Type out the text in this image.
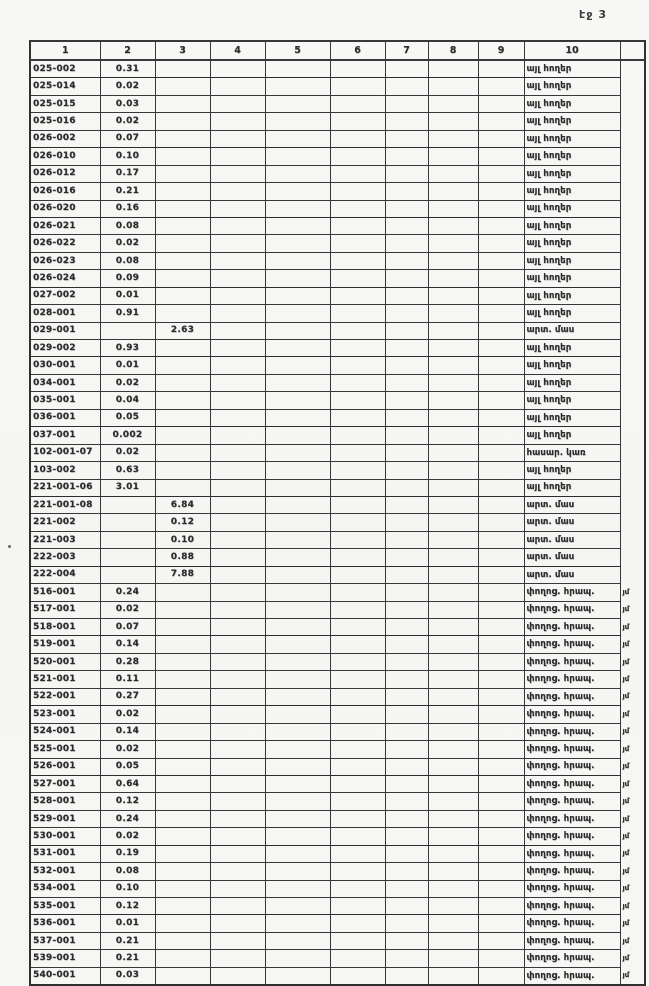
էջ 3
1	2	3	4	5	6	7	8	9	10	
025-002	0.31								այլ հողեր	
025-014	0.02								այլ հողեր	
025-015	0.03								այլ հողեր	
025-016	0.02								այլ հողեր	
026-002	0.07								այլ հողեր	
026-010	0.10								այլ հողեր	
026-012	0.17								այլ հողեր	
026-016	0.21								այլ հողեր	
026-020	0.16								այլ հողեր	
026-021	0.08								այլ հողեր	
026-022	0.02								այլ հողեր	
026-023	0.08								այլ հողեր	
026-024	0.09								այլ հողեր	
027-002	0.01								այլ հողեր	
028-001	0.91								այլ հողեր	
029-001		2.63							արտ. մաս	
029-002	0.93								այլ հողեր	
030-001	0.01								այլ հողեր	
034-001	0.02								այլ հողեր	
035-001	0.04								այլ հողեր	
036-001	0.05								այլ հողեր	
037-001	0.002								այլ հողեր	
102-001-07	0.02								հասար. կառ	
103-002	0.63								այլ հողեր	
221-001-06	3.01								այլ հողեր	
221-001-08		6.84							արտ. մաս	
221-002		0.12							արտ. մաս	
221-003		0.10							արտ. մաս	
222-003		0.88							արտ. մաս	
222-004		7.88							արտ. մաս	
516-001	0.24								փողոց. հրապ.	յմ
517-001	0.02								փողոց. հրապ.	յմ
518-001	0.07								փողոց. հրապ.	յմ
519-001	0.14								փողոց. հրապ.	յմ
520-001	0.28								փողոց. հրապ.	յմ
521-001	0.11								փողոց. հրապ.	յմ
522-001	0.27								փողոց. հրապ.	յմ
523-001	0.02								փողոց. հրապ.	յմ
524-001	0.14								փողոց. հրապ.	յմ
525-001	0.02								փողոց. հրապ.	յմ
526-001	0.05								փողոց. հրապ.	յմ
527-001	0.64								փողոց. հրապ.	յմ
528-001	0.12								փողոց. հրապ.	յմ
529-001	0.24								փողոց. հրապ.	յմ
530-001	0.02								փողոց. հրապ.	յմ
531-001	0.19								փողոց. հրապ.	յմ
532-001	0.08								փողոց. հրապ.	յմ
534-001	0.10								փողոց. հրապ.	յմ
535-001	0.12								փողոց. հրապ.	յմ
536-001	0.01								փողոց. հրապ.	յմ
537-001	0.21								փողոց. հրապ.	յմ
539-001	0.21								փողոց. հրապ.	յմ
540-001	0.03								փողոց. հրապ.	յմ
